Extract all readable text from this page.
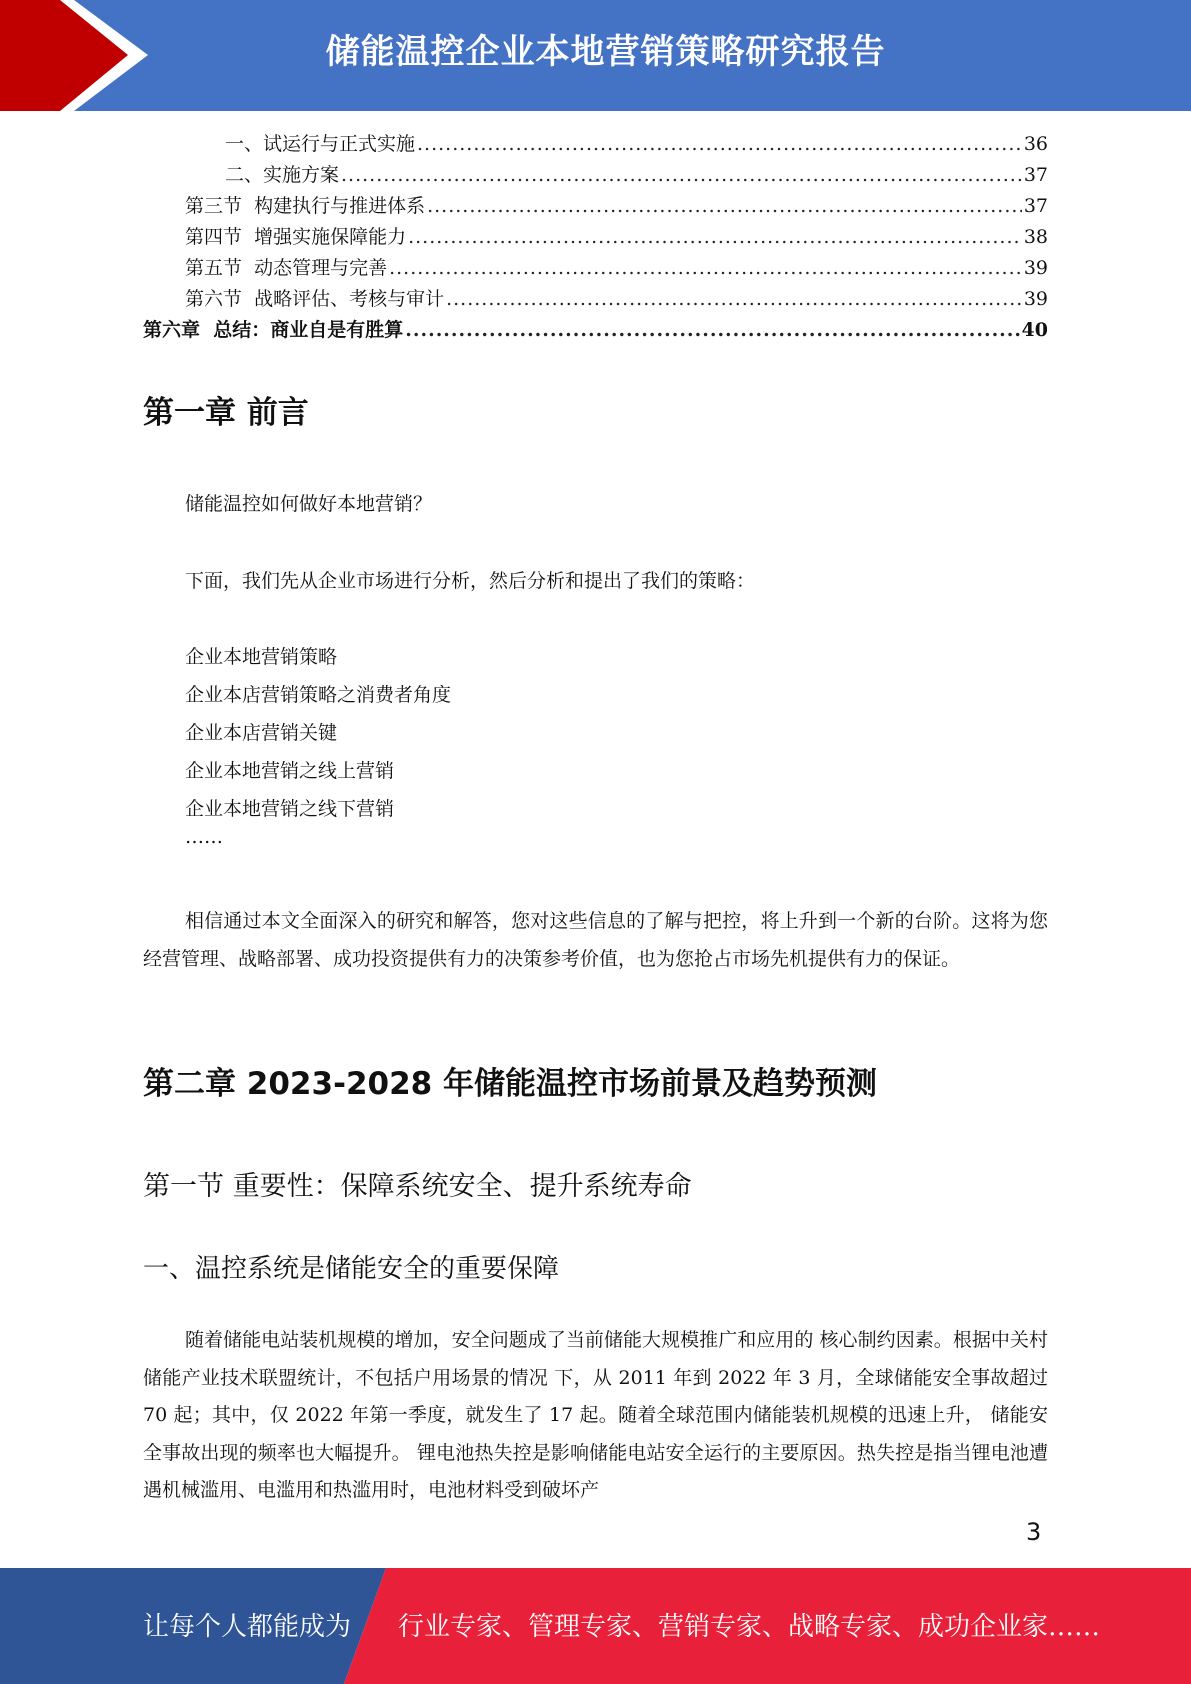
储能温控企业本地营销策略研究报告
一、试运行与正式实施 .....	36
二、实施方案 .....	37
第三节  构建执行与推进体系 .....	37
第四节  增强实施保障能力 .....	38
第五节  动态管理与完善 .....	39
第六节  战略评估、考核与审计 .....	39
第六章  总结：商业自是有胜算 .....	40
第一章 前言
储能温控如何做好本地营销？
下面，我们先从企业市场进行分析，然后分析和提出了我们的策略：
企业本地营销策略
企业本店营销策略之消费者角度
企业本店营销关键
企业本地营销之线上营销
企业本地营销之线下营销
……
相信通过本文全面深入的研究和解答，您对这些信息的了解与把控，将上升到一个新的台阶。这将为您经营管理、战略部署、成功投资提供有力的决策参考价值，也为您抢占市场先机提供有力的保证。
第二章 2023-2028 年储能温控市场前景及趋势预测
第一节 重要性：保障系统安全、提升系统寿命
一、温控系统是储能安全的重要保障
随着储能电站装机规模的增加，安全问题成了当前储能大规模推广和应用的 核心制约因素。根据中关村储能产业技术联盟统计，不包括户用场景的情况 下，从 2011 年到 2022 年 3 月，全球储能安全事故超过 70 起；其中，仅 2022 年第一季度，就发生了 17 起。随着全球范围内储能装机规模的迅速上升， 储能安全事故出现的频率也大幅提升。 锂电池热失控是影响储能电站安全运行的主要原因。热失控是指当锂电池遭 遇机械滥用、电滥用和热滥用时，电池材料受到破坏产
3
让每个人都能成为 行业专家、管理专家、营销专家、战略专家、成功企业家……
